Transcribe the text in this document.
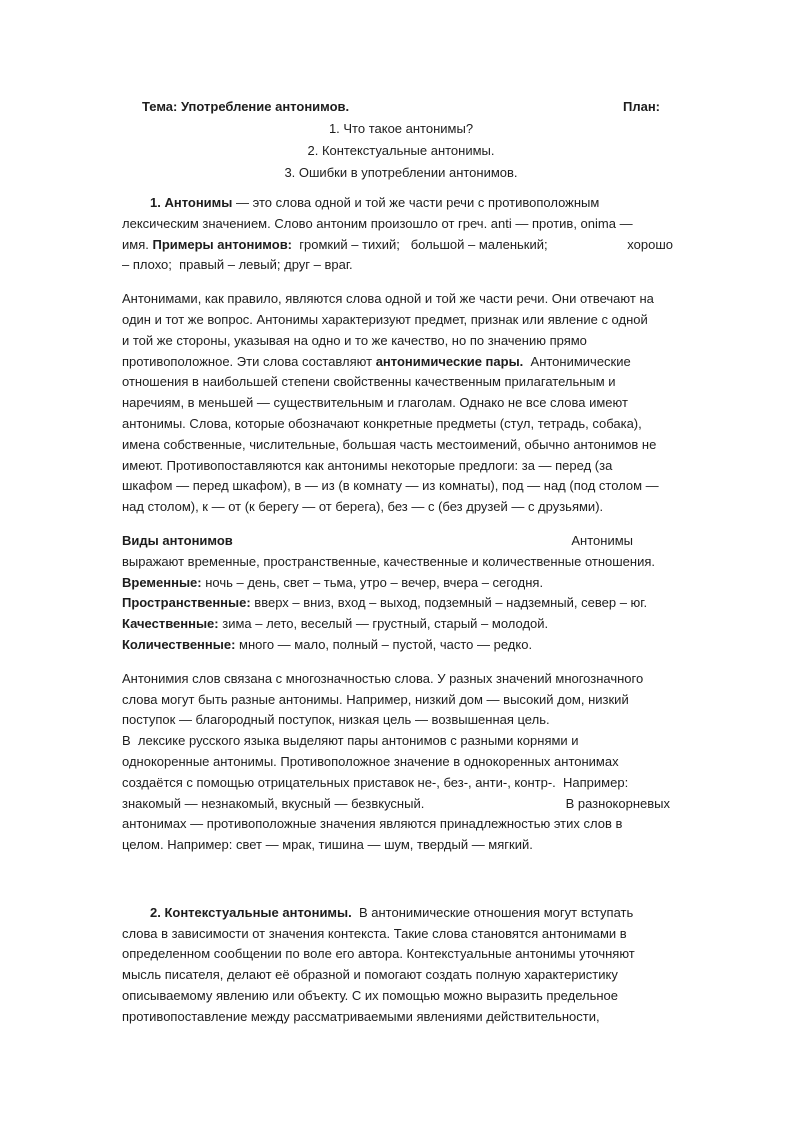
Тема: Употребление антонимов.	План:
1. Что такое антонимы?
2. Контекстуальные антонимы.
3. Ошибки в употреблении антонимов.
1. Антонимы — это слова одной и той же части речи с противоположным
лексическим значением. Слово антоним произошло от греч. anti — против, onima —
имя. Примеры антонимов:  громкий – тихий;   большой – маленький;	хорошо
– плохо;  правый – левый; друг – враг.
Антонимами, как правило, являются слова одной и той же части речи. Они отвечают на
один и тот же вопрос. Антонимы характеризуют предмет, признак или явление с одной
и той же стороны, указывая на одно и то же качество, но по значению прямо
противоположное. Эти слова составляют антонимические пары.  Антонимические
отношения в наибольшей степени свойственны качественным прилагательным и
наречиям, в меньшей — существительным и глаголам. Однако не все слова имеют
антонимы. Слова, которые обозначают конкретные предметы (стул, тетрадь, собака),
имена собственные, числительные, большая часть местоимений, обычно антонимов не
имеют. Противопоставляются как антонимы некоторые предлоги: за — перед (за
шкафом — перед шкафом), в — из (в комнату — из комнаты), под — над (под столом —
над столом), к — от (к берегу — от берега), без — с (без друзей — с друзьями).
Виды антонимов	Антонимы
выражают временные, пространственные, качественные и количественные отношения.
Временные: ночь – день, свет – тьма, утро – вечер, вчера – сегодня.
Пространственные: вверх – вниз, вход – выход, подземный – надземный, север – юг.
Качественные: зима – лето, веселый — грустный, старый – молодой.
Количественные: много — мало, полный – пустой, часто — редко.
Антонимия слов связана с многозначностью слова. У разных значений многозначного
слова могут быть разные антонимы. Например, низкий дом — высокий дом, низкий
поступок — благородный поступок, низкая цель — возвышенная цель.
В  лексике русского языка выделяют пары антонимов с разными корнями и
однокоренные антонимы. Противоположное значение в однокоренных антонимах
создаётся с помощью отрицательных приставок не-, без-, анти-, контр-.  Например:
знакомый — незнакомый, вкусный — безвкусный.	В разнокорневых
антонимах — противоположные значения являются принадлежностью этих слов в
целом. Например: свет — мрак, тишина — шум, твердый — мягкий.
2. Контекстуальные антонимы.  В антонимические отношения могут вступать
слова в зависимости от значения контекста. Такие слова становятся антонимами в
определенном сообщении по воле его автора. Контекстуальные антонимы уточняют
мысль писателя, делают её образной и помогают создать полную характеристику
описываемому явлению или объекту. С их помощью можно выразить предельное
противопоставление между рассматриваемыми явлениями действительности,
